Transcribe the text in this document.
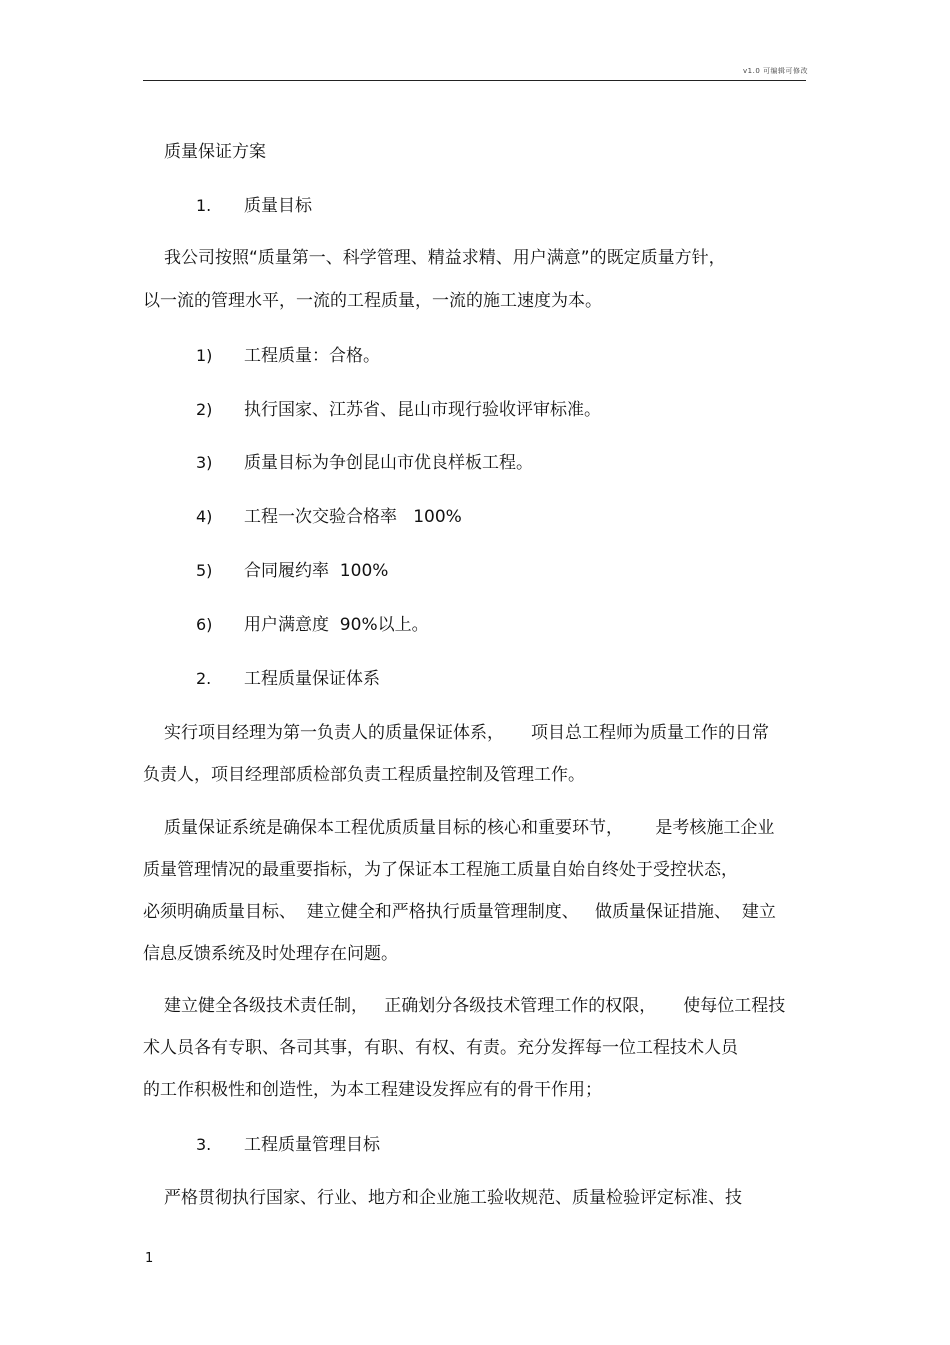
v1.0 可编辑可修改
质量保证方案
1. 质量目标
我公司按照“质量第一、科学管理、精益求精、用户满意”的既定质量方针，
以一流的管理水平，一流的工程质量，一流的施工速度为本。
1) 工程质量：合格。
2) 执行国家、江苏省、昆山市现行验收评审标准。
3) 质量目标为争创昆山市优良样板工程。
4) 工程一次交验合格率   100%
5) 合同履约率  100%
6) 用户满意度  90%以上。
2. 工程质量保证体系
实行项目经理为第一负责人的质量保证体系，     项目总工程师为质量工作的日常
负责人，项目经理部质检部负责工程质量控制及管理工作。
质量保证系统是确保本工程优质质量目标的核心和重要环节，      是考核施工企业
质量管理情况的最重要指标，为了保证本工程施工质量自始自终处于受控状态，
必须明确质量目标、  建立健全和严格执行质量管理制度、   做质量保证措施、  建立
信息反馈系统及时处理存在问题。
建立健全各级技术责任制，   正确划分各级技术管理工作的权限，     使每位工程技
术人员各有专职、各司其事，有职、有权、有责。充分发挥每一位工程技术人员
的工作积极性和创造性，为本工程建设发挥应有的骨干作用；
3. 工程质量管理目标
严格贯彻执行国家、行业、地方和企业施工验收规范、质量检验评定标准、技
1
